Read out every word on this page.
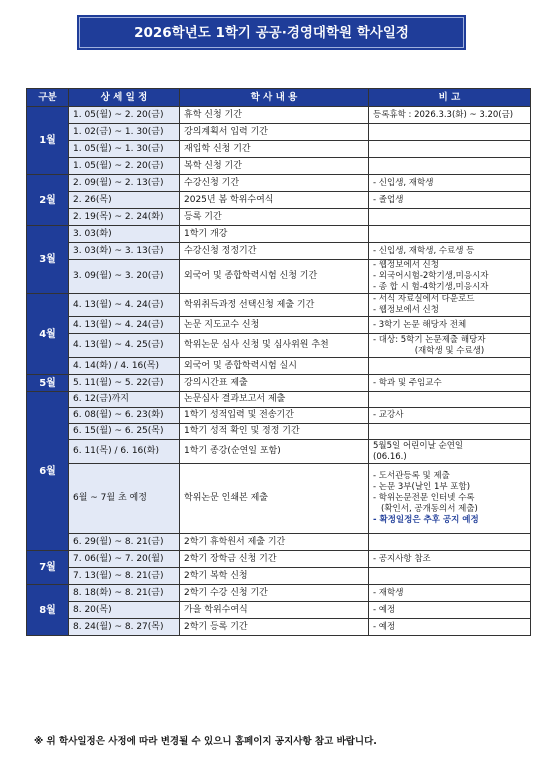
2026학년도 1학기 공공·경영대학원 학사일정
구분	상 세 일 정	학 사 내 용	비 고
1월	1. 05(월) ~ 2. 20(금)	휴학 신청 기간	등록휴학 : 2026.3.3(화) ~ 3.20(금)

	1. 02(금) ~ 1. 30(금)	강의계획서 입력 기간	
	1. 05(월) ~ 1. 30(금)	재입학 신청 기간	
	1. 05(월) ~ 2. 20(금)	복학 신청 기간	
2월	2. 09(월) ~ 2. 13(금)	수강신청 기간	- 신입생, 재학생

	2. 26(목)	2025년 봄 학위수여식	- 졸업생

	2. 19(목) ~ 2. 24(화)	등록 기간	
3월	3. 03(화)	1학기 개강	
	3. 03(화) ~ 3. 13(금)	수강신청 정정기간	- 신입생, 재학생, 수료생 등

	3. 09(월) ~ 3. 20(금)	외국어 및 종합학력시험 신청 기간	- 웹정보에서 신청
- 외국어시험-2학기생,미응시자
- 종 합 시 험-4학기생,미응시자

4월	4. 13(월) ~ 4. 24(금)	학위취득과정 선택신청 제출 기간	- 서식 자료실에서 다운로드
- 웹정보에서 신청

	4. 13(월) ~ 4. 24(금)	논문 지도교수 신청	- 3학기 논문 해당자 전체

	4. 13(월) ~ 4. 25(금)	학위논문 심사 신청 및 심사위원 추천	- 대상: 5학기 논문제출 해당자
(재학생 및 수료생)

	4. 14(화) / 4. 16(목)	외국어 및 종합학력시험 실시	
5월	5. 11(월) ~ 5. 22(금)	강의시간표 제출	- 학과 및 주임교수

6월	6. 12(금)까지	논문심사 결과보고서 제출	
	6. 08(월) ~ 6. 23(화)	1학기 성적입력 및 전송기간	- 교강사

	6. 15(월) ~ 6. 25(목)	1학기 성적 확인 및 정정 기간	
	6. 11(목) / 6. 16(화)	1학기 종강(순연일 포함)	5월5일 어린이날 순연일
(06.16.)

	6월 ~ 7월 초 예정	학위논문 인쇄본 제출	- 도서관등록 및 제출
- 논문 3부(날인 1부 포함)
- 학위논문전문 인터넷 수록
(확인서, 공개동의서 제출)
- 확정일정은 추후 공지 예정

	6. 29(월) ~ 8. 21(금)	2학기 휴학원서 제출 기간	
7월	7. 06(월) ~ 7. 20(월)	2학기 장학금 신청 기간	- 공지사항 참조

	7. 13(월) ~ 8. 21(금)	2학기 복학 신청	
8월	8. 18(화) ~ 8. 21(금)	2학기 수강 신청 기간	- 재학생

	8. 20(목)	가을 학위수여식	- 예정

	8. 24(월) ~ 8. 27(목)	2학기 등록 기간	- 예정
※ 위 학사일정은 사정에 따라 변경될 수 있으니 홈페이지 공지사항 참고 바랍니다.
